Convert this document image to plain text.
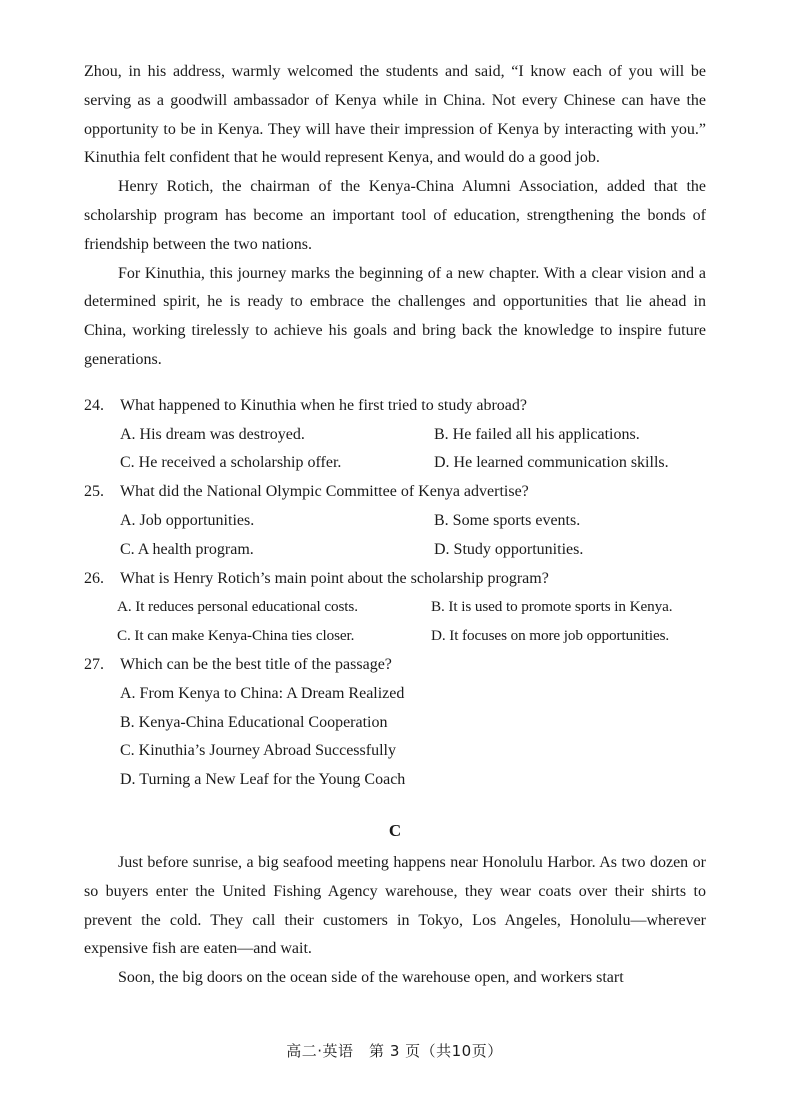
Zhou, in his address, warmly welcomed the students and said, “I know each of you will be serving as a goodwill ambassador of Kenya while in China. Not every Chinese can have the opportunity to be in Kenya. They will have their impression of Kenya by interacting with you.” Kinuthia felt confident that he would represent Kenya, and would do a good job.

Henry Rotich, the chairman of the Kenya-China Alumni Association, added that the scholarship program has become an important tool of education, strengthening the bonds of friendship between the two nations.

For Kinuthia, this journey marks the beginning of a new chapter. With a clear vision and a determined spirit, he is ready to embrace the challenges and opportunities that lie ahead in China, working tirelessly to achieve his goals and bring back the knowledge to inspire future generations.

24.	What happened to Kinuthia when he first tried to study abroad?
A. His dream was destroyed.	B. He failed all his applications.
C. He received a scholarship offer.	D. He learned communication skills.
25.	What did the National Olympic Committee of Kenya advertise?
A. Job opportunities.	B. Some sports events.
C. A health program.	D. Study opportunities.
26.	What is Henry Rotich’s main point about the scholarship program?
A. It reduces personal educational costs.	B. It is used to promote sports in Kenya.
C. It can make Kenya-China ties closer.	D. It focuses on more job opportunities.
27.	Which can be the best title of the passage?
A. From Kenya to China: A Dream Realized
B. Kenya-China Educational Cooperation
C. Kinuthia’s Journey Abroad Successfully
D. Turning a New Leaf for the Young Coach
C

Just before sunrise, a big seafood meeting happens near Honolulu Harbor. As two dozen or so buyers enter the United Fishing Agency warehouse, they wear coats over their shirts to prevent the cold. They call their customers in Tokyo, Los Angeles, Honolulu—wherever expensive fish are eaten—and wait.

Soon, the big doors on the ocean side of the warehouse open, and workers start

高二·英语　第 3 页（共10页）
